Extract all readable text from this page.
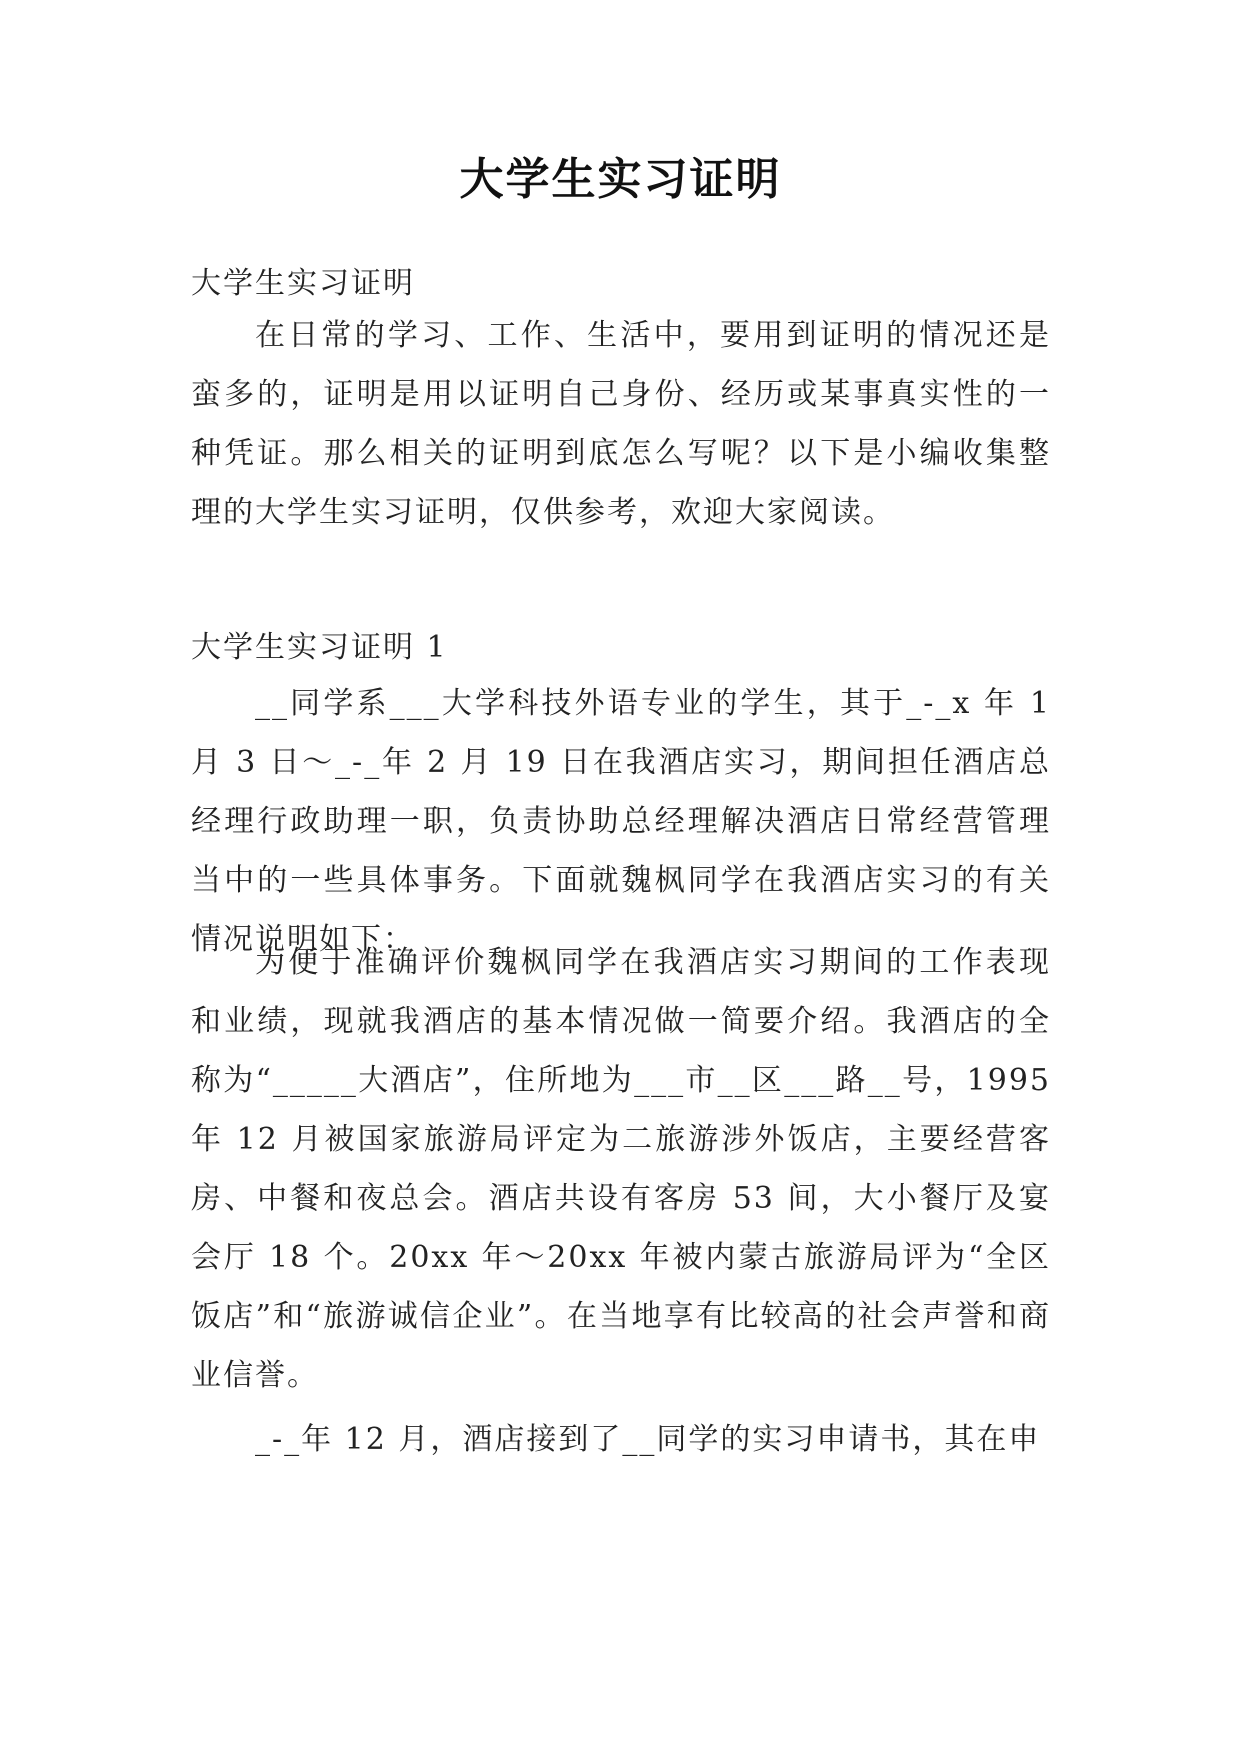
大学生实习证明

大学生实习证明

在日常的学习、工作、生活中，要用到证明的情况还是蛮多的，证明是用以证明自己身份、经历或某事真实性的一种凭证。那么相关的证明到底怎么写呢？以下是小编收集整理的大学生实习证明，仅供参考，欢迎大家阅读。

大学生实习证明 1

__同学系___大学科技外语专业的学生，其于_-_x 年 1 月 3 日～_-_年 2 月 19 日在我酒店实习，期间担任酒店总经理行政助理一职，负责协助总经理解决酒店日常经营管理当中的一些具体事务。下面就魏枫同学在我酒店实习的有关情况说明如下：

为便于准确评价魏枫同学在我酒店实习期间的工作表现和业绩，现就我酒店的基本情况做一简要介绍。我酒店的全称为“_____大酒店”，住所地为___市__区___路__号，1995 年 12 月被国家旅游局评定为二旅游涉外饭店，主要经营客房、中餐和夜总会。酒店共设有客房 53 间，大小餐厅及宴会厅 18 个。20xx 年～20xx 年被内蒙古旅游局评为“全区饭店”和“旅游诚信企业”。在当地享有比较高的社会声誉和商业信誉。

_-_年 12 月，酒店接到了__同学的实习申请书，其在申
